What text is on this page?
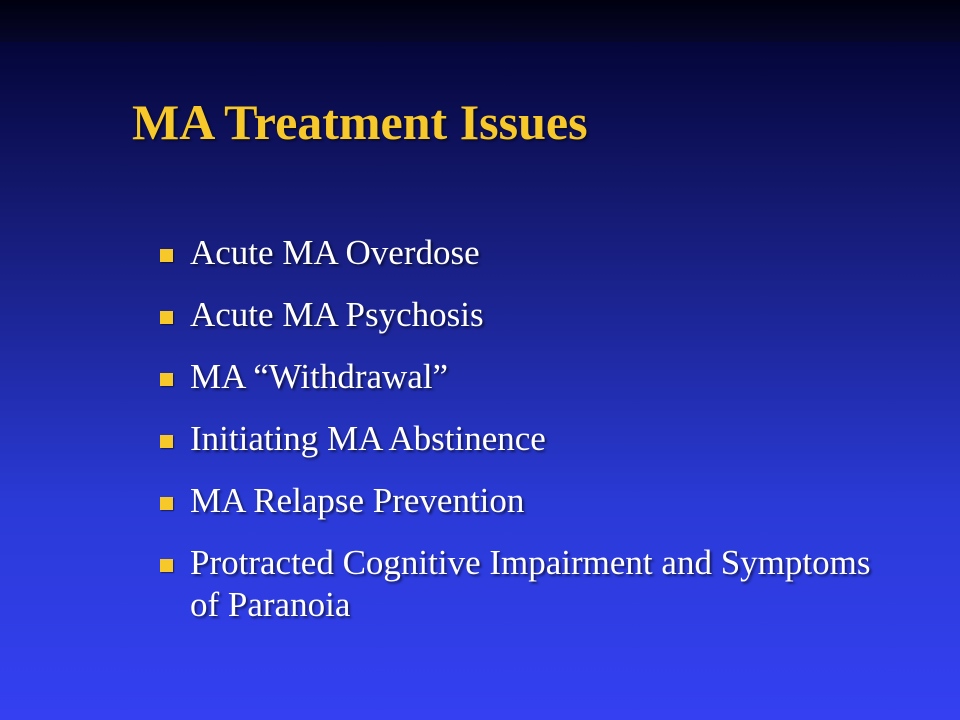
MA Treatment Issues
Acute MA Overdose
Acute MA Psychosis
MA “Withdrawal”
Initiating MA Abstinence
MA Relapse Prevention
Protracted Cognitive Impairment and Symptoms of Paranoia
